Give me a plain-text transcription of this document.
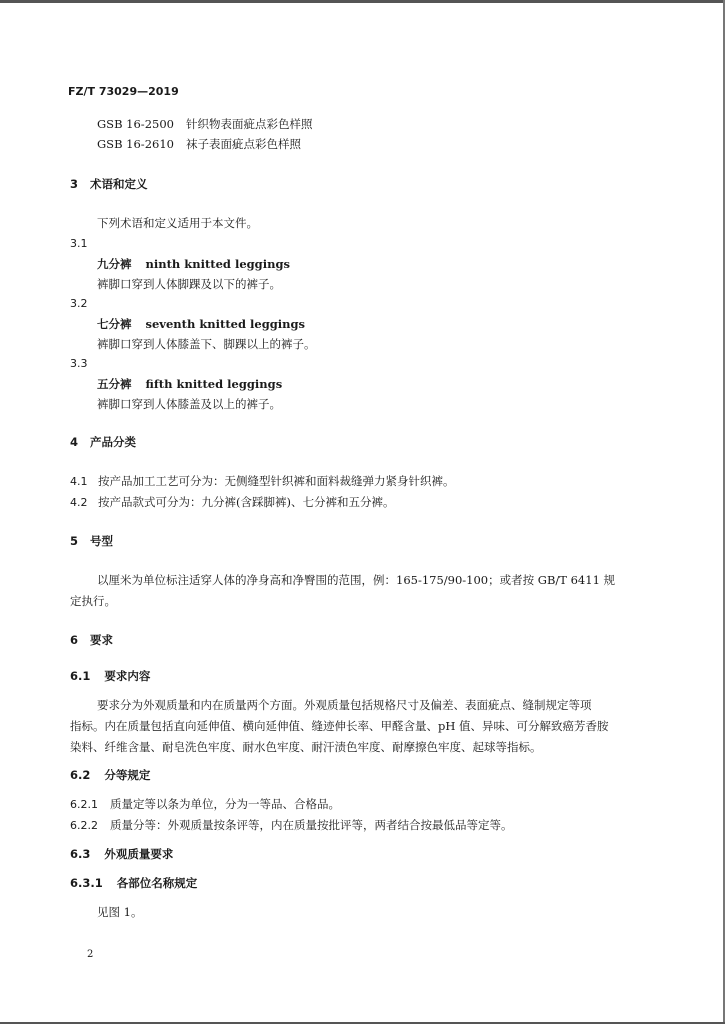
FZ/T 73029—2019
GSB 16-2500 针织物表面疵点彩色样照
GSB 16-2610 袜子表面疵点彩色样照
3 术语和定义
下列术语和定义适用于本文件。
3.1
九分裤 ninth knitted leggings
裤脚口穿到人体脚踝及以下的裤子。
3.2
七分裤 seventh knitted leggings
裤脚口穿到人体膝盖下、脚踝以上的裤子。
3.3
五分裤 fifth knitted leggings
裤脚口穿到人体膝盖及以上的裤子。
4 产品分类
4.1 按产品加工工艺可分为：无侧缝型针织裤和面料裁缝弹力紧身针织裤。
4.2 按产品款式可分为：九分裤(含踩脚裤)、七分裤和五分裤。
5 号型
以厘米为单位标注适穿人体的净身高和净臀围的范围，例：165-175/90-100；或者按 GB/T 6411 规
定执行。
6 要求
6.1 要求内容
要求分为外观质量和内在质量两个方面。外观质量包括规格尺寸及偏差、表面疵点、缝制规定等项
指标。内在质量包括直向延伸值、横向延伸值、缝迹伸长率、甲醛含量、pH 值、异味、可分解致癌芳香胺
染料、纤维含量、耐皂洗色牢度、耐水色牢度、耐汗渍色牢度、耐摩擦色牢度、起球等指标。
6.2 分等规定
6.2.1 质量定等以条为单位，分为一等品、合格品。
6.2.2 质量分等：外观质量按条评等，内在质量按批评等，两者结合按最低品等定等。
6.3 外观质量要求
6.3.1 各部位名称规定
见图 1。
2
